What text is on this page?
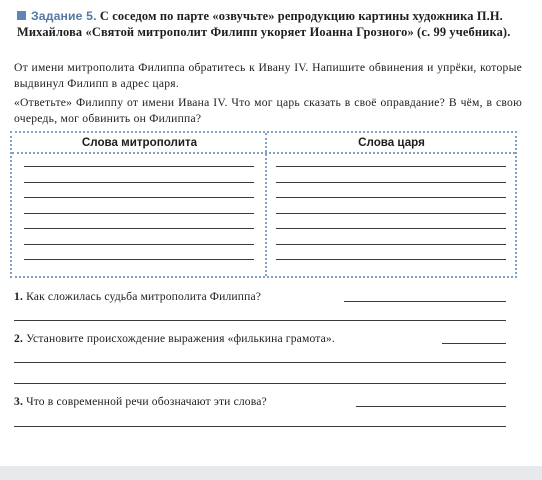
Задание 5. С соседом по парте «озвучьте» репродукцию картины художника П.Н. Михайлова «Святой митрополит Филипп укоряет Иоанна Грозного» (с. 99 учебника).
От имени митрополита Филиппа обратитесь к Ивану IV. Напишите обвинения и упрёки, которые выдвинул Филипп в адрес царя.
«Ответьте» Филиппу от имени Ивана IV. Что мог царь сказать в своё оправдание? В чём, в свою очередь, мог обвинить он Филиппа?
Слова митрополита	Слова царя
1. Как сложилась судьба митрополита Филиппа?
2. Установите происхождение выражения «филькина грамота».
3. Что в современной речи обозначают эти слова?
